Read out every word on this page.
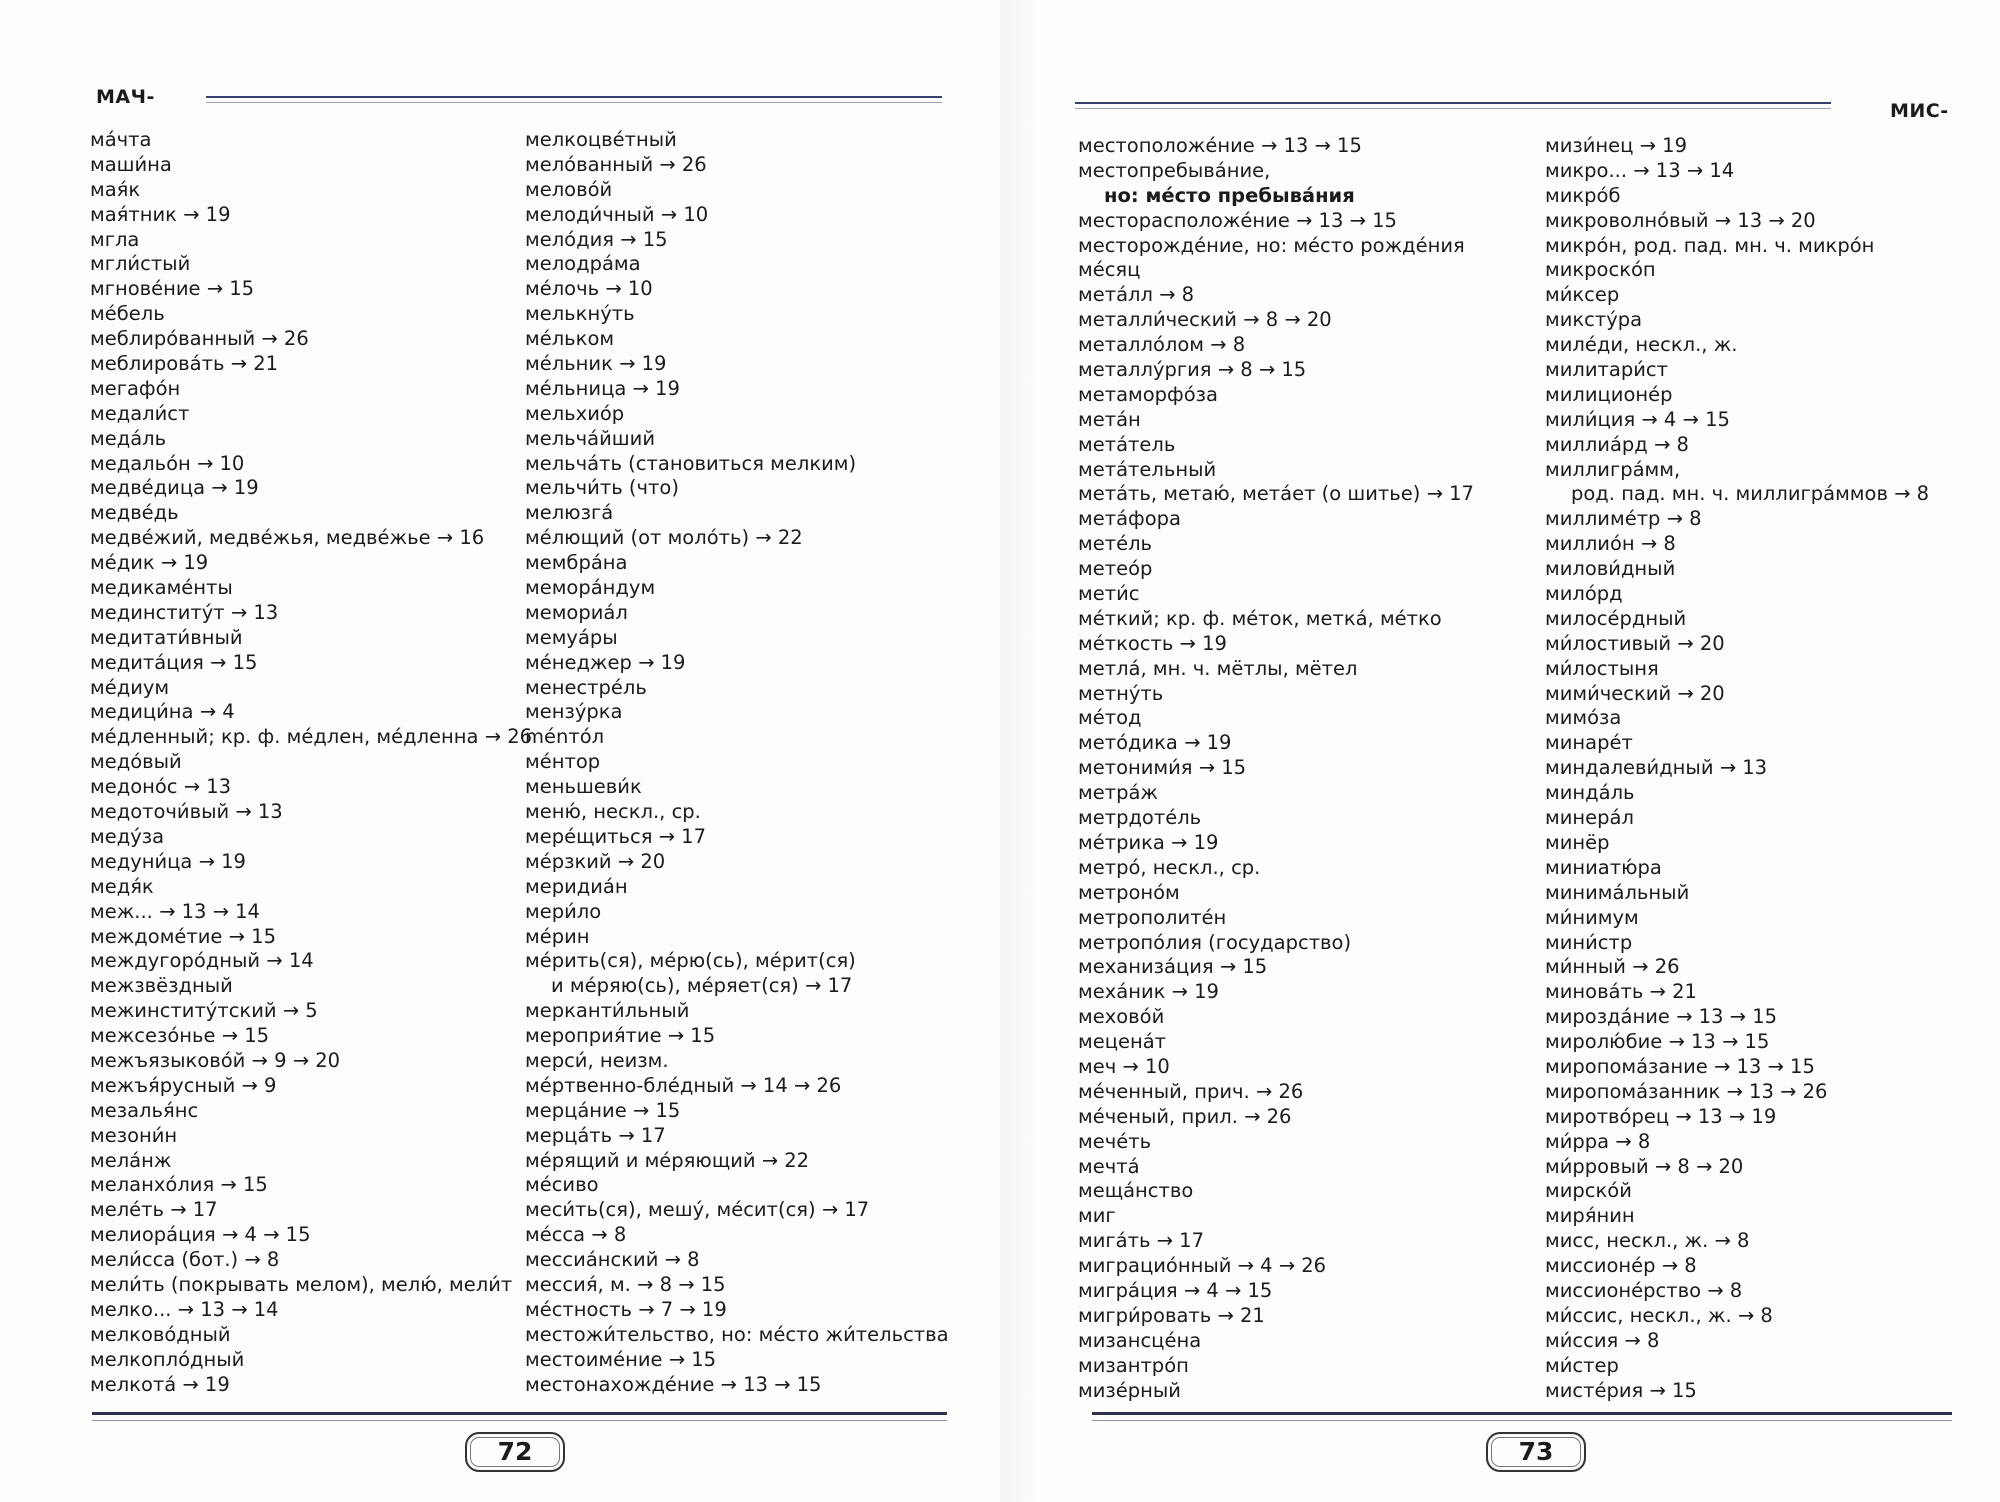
МАЧ-
ма́чта
маши́на
мая́к
мая́тник → 19
мгла
мгли́стый
мгнове́ние → 15
ме́бель
меблиро́ванный → 26
меблирова́ть → 21
мегафо́н
медали́ст
меда́ль
медальо́н → 10
медве́дица → 19
медве́дь
медве́жий, медве́жья, медве́жье → 16
ме́дик → 19
медикаме́нты
мединститу́т → 13
медитати́вный
медита́ция → 15
ме́диум
медици́на → 4
ме́дленный; кр. ф. ме́длен, ме́дленна → 26
медо́вый
медоно́с → 13
медоточи́вый → 13
меду́за
медуни́ца → 19
медя́к
меж... → 13 → 14
междоме́тие → 15
междугоро́дный → 14
межзвёздный
межинститу́тский → 5
межсезо́нье → 15
межъязыково́й → 9 → 20
межъя́русный → 9
мезалья́нс
мезони́н
мела́нж
меланхо́лия → 15
меле́ть → 17
мелиора́ция → 4 → 15
мели́сса (бот.) → 8
мели́ть (покрывать мелом), мелю́, мели́т
мелко... → 13 → 14
мелково́дный
мелкопло́дный
мелкота́ → 19
мелкоцве́тный
мело́ванный → 26
мелово́й
мелоди́чный → 10
мело́дия → 15
мелодра́ма
ме́лочь → 10
мелькну́ть
ме́льком
ме́льник → 19
ме́льница → 19
мельхио́р
мельча́йший
мельча́ть (становиться мелким)
мельчи́ть (что)
мелюзга́
ме́лющий (от моло́ть) → 22
мембра́на
мемора́ндум
мемориа́л
мемуа́ры
ме́неджер → 19
менестре́ль
мензу́рка
ménто́л
ме́нтор
меньшеви́к
меню́, нескл., ср.
мере́щиться → 17
ме́рзкий → 20
меридиа́н
мери́ло
ме́рин
ме́рить(ся), ме́рю(сь), ме́рит(ся)
и ме́ряю(сь), ме́ряет(ся) → 17
мерканти́льный
мероприя́тие → 15
мерси́, неизм.
ме́ртвенно-бле́дный → 14 → 26
мерца́ние → 15
мерца́ть → 17
ме́рящий и ме́ряющий → 22
ме́сиво
меси́ть(ся), мешу́, ме́сит(ся) → 17
ме́сса → 8
мессиа́нский → 8
мессия́, м. → 8 → 15
ме́стность → 7 → 19
местожи́тельство, но: ме́сто жи́тельства
местоиме́ние → 15
местонахожде́ние → 13 → 15
72
МИС-
местоположе́ние → 13 → 15
местопребыва́ние,
но: ме́сто пребыва́ния
месторасположе́ние → 13 → 15
месторожде́ние, но: ме́сто рожде́ния
ме́сяц
мета́лл → 8
металли́ческий → 8 → 20
металло́лом → 8
металлу́ргия → 8 → 15
метаморфо́за
мета́н
мета́тель
мета́тельный
мета́ть, метаю́, мета́ет (о шитье) → 17
мета́фора
мете́ль
метео́р
мети́с
ме́ткий; кр. ф. ме́ток, метка́, ме́тко
ме́ткость → 19
метла́, мн. ч. мётлы, мётел
метну́ть
ме́тод
мето́дика → 19
метоними́я → 15
метра́ж
метрдоте́ль
ме́трика → 19
метро́, нескл., ср.
метроно́м
метрополите́н
метропо́лия (государство)
механиза́ция → 15
меха́ник → 19
мехово́й
мецена́т
меч → 10
ме́ченный, прич. → 26
ме́ченый, прил. → 26
мече́ть
мечта́
меща́нство
миг
мига́ть → 17
миграцио́нный → 4 → 26
мигра́ция → 4 → 15
мигри́ровать → 21
мизансце́на
мизантро́п
мизе́рный
мизи́нец → 19
микро... → 13 → 14
микро́б
микроволно́вый → 13 → 20
микро́н, род. пад. мн. ч. микро́н
микроско́п
ми́ксер
миксту́ра
миле́ди, нескл., ж.
милитари́ст
милиционе́р
мили́ция → 4 → 15
миллиа́рд → 8
миллигра́мм,
род. пад. мн. ч. миллигра́ммов → 8
миллиме́тр → 8
миллио́н → 8
милови́дный
мило́рд
милосе́рдный
ми́лостивый → 20
ми́лостыня
мими́ческий → 20
мимо́за
минаре́т
миндалеви́дный → 13
минда́ль
минера́л
минёр
миниатю́ра
минима́льный
ми́нимум
мини́стр
ми́нный → 26
минова́ть → 21
мирозда́ние → 13 → 15
миролю́бие → 13 → 15
миропома́зание → 13 → 15
миропома́занник → 13 → 26
миротво́рец → 13 → 19
ми́рра → 8
ми́рровый → 8 → 20
мирско́й
миря́нин
мисс, нескл., ж. → 8
миссионе́р → 8
миссионе́рство → 8
ми́ссис, нескл., ж. → 8
ми́ссия → 8
ми́стер
мисте́рия → 15
73
